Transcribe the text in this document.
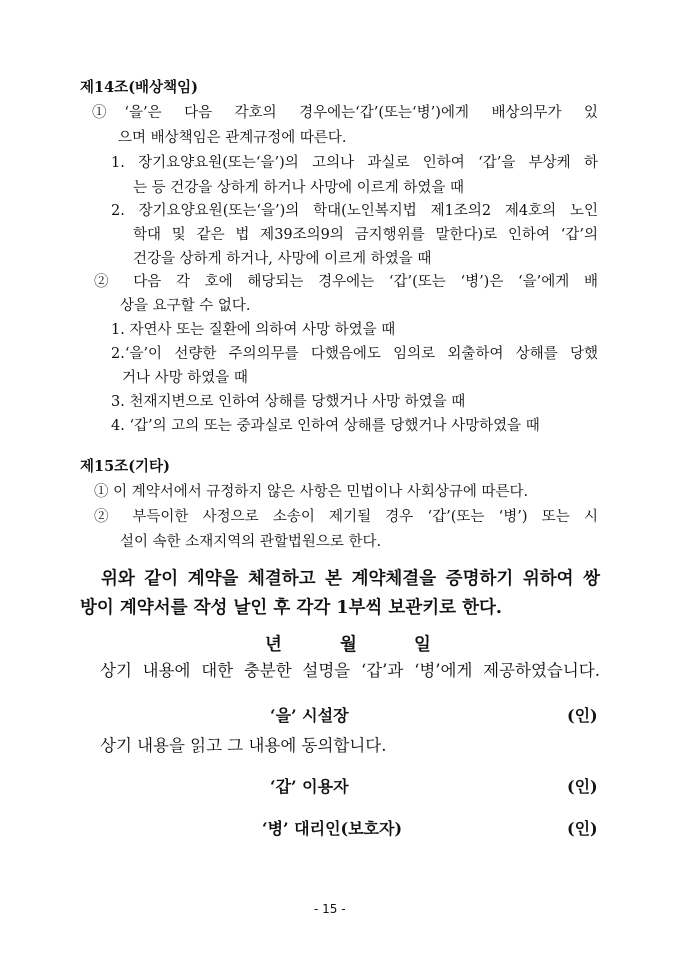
제14조(배상책임)
①‘을’은 다음 각호의 경우에는‘갑’(또는‘병’)에게 배상의무가 있
으며 배상책임은 관계규정에 따른다.
1. 장기요양요원(또는‘을’)의 고의나 과실로 인하여 ‘갑’을 부상케 하
는 등 건강을 상하게 하거나 사망에 이르게 하였을 때
2. 장기요양요원(또는‘을’)의 학대(노인복지법 제1조의2 제4호의 노인
학대 및 같은 법 제39조의9의 금지행위를 말한다)로 인하여 ‘갑’의
건강을 상하게 하거나, 사망에 이르게 하였을 때
② 다음 각 호에 해당되는 경우에는 ‘갑’(또는 ‘병’)은 ‘을’에게 배
상을 요구할 수 없다.
1. 자연사 또는 질환에 의하여 사망 하였을 때
2.‘을’이 선량한 주의의무를 다했음에도 임의로 외출하여 상해를 당했
거나 사망 하였을 때
3. 천재지변으로 인하여 상해를 당했거나 사망 하였을 때
4. ‘갑’의 고의 또는 중과실로 인하여 상해를 당했거나 사망하였을 때
제15조(기타)
① 이 계약서에서 규정하지 않은 사항은 민법이나 사회상규에 따른다.
② 부득이한 사정으로 소송이 제기될 경우 ‘갑’(또는 ‘병’) 또는 시
설이 속한 소재지역의 관할법원으로 한다.
위와 같이 계약을 체결하고 본 계약체결을 증명하기 위하여 쌍
방이 계약서를 작성 날인 후 각각 1부씩 보관키로 한다.
년	월	일
상기 내용에 대한 충분한 설명을 ‘갑’과 ‘병’에게 제공하였습니다.
‘을’ 시설장	(인)
상기 내용을 읽고 그 내용에 동의합니다.
‘갑’ 이용자	(인)
‘병’ 대리인(보호자)	(인)
- 15 -
